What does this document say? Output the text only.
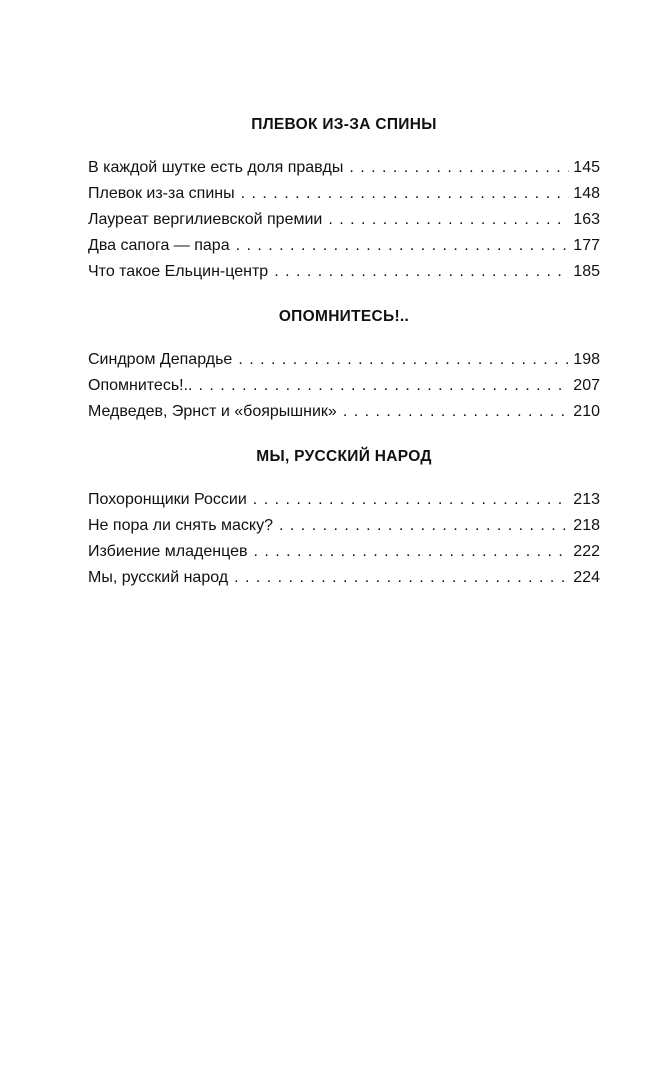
ПЛЕВОК ИЗ-ЗА СПИНЫ
В каждой шутке есть доля правды . . .	145
Плевок из-за спины . . .	148
Лауреат вергилиевской премии . . .	163
Два сапога — пара . . .	177
Что такое Ельцин-центр . . .	185
ОПОМНИТЕСЬ!..
Синдром Депардье . . .	198
Опомнитесь!.. . . .	207
Медведев, Эрнст и «боярышник» . . .	210
МЫ, РУССКИЙ НАРОД
Похоронщики России . . .	213
Не пора ли снять маску? . . .	218
Избиение младенцев . . .	222
Мы, русский народ . . .	224
